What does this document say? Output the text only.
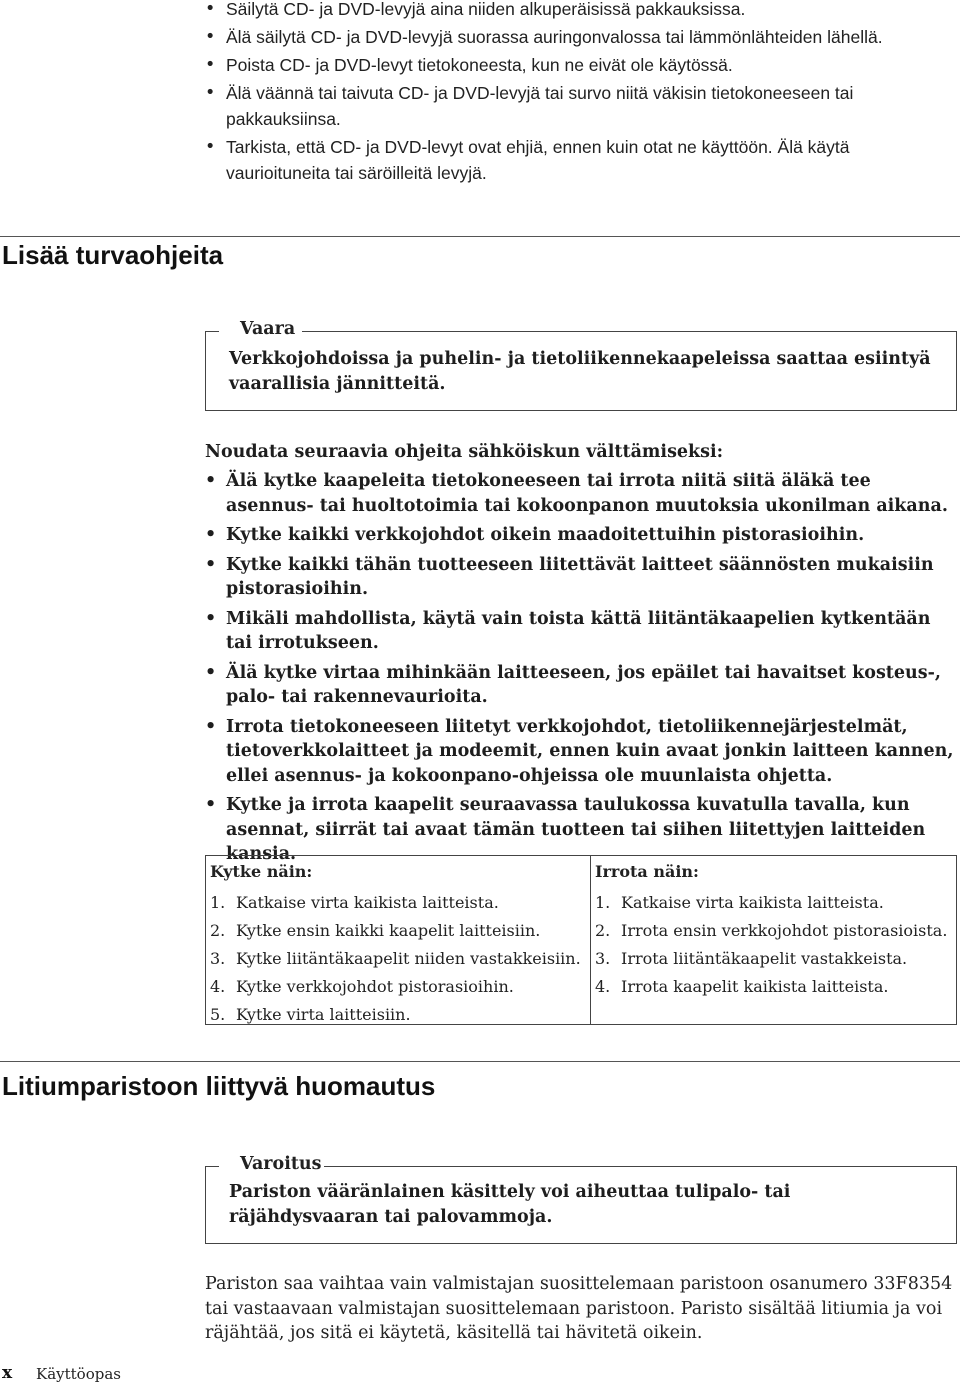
• Säilytä CD- ja DVD-levyjä aina niiden alkuperäisissä pakkauksissa.
• Älä säilytä CD- ja DVD-levyjä suorassa auringonvalossa tai lämmönlähteiden lähellä.
• Poista CD- ja DVD-levyt tietokoneesta, kun ne eivät ole käytössä.
• Älä väännä tai taivuta CD- ja DVD-levyjä tai survo niitä väkisin tietokoneeseen tai pakkauksiinsa.
• Tarkista, että CD- ja DVD-levyt ovat ehjiä, ennen kuin otat ne käyttöön. Älä käytä vaurioituneita tai säröilleitä levyjä.
Lisää turvaohjeita
Vaara
Verkkojohdoissa ja puhelin- ja tietoliikennekaapeleissa saattaa esiintyä vaarallisia jännitteitä.
Noudata seuraavia ohjeita sähköiskun välttämiseksi:
• Älä kytke kaapeleita tietokoneeseen tai irrota niitä siitä äläkä tee asennus- tai huoltotoimia tai kokoonpanon muutoksia ukonilman aikana.
• Kytke kaikki verkkojohdot oikein maadoitettuihin pistorasioihin.
• Kytke kaikki tähän tuotteeseen liitettävät laitteet säännösten mukaisiin pistorasioihin.
• Mikäli mahdollista, käytä vain toista kättä liitäntäkaapelien kytkentään tai irrotukseen.
• Älä kytke virtaa mihinkään laitteeseen, jos epäilet tai havaitset kosteus-, palo- tai rakennevaurioita.
• Irrota tietokoneeseen liitetyt verkkojohdot, tietoliikennejärjestelmät, tietoverkkolaitteet ja modeemit, ennen kuin avaat jonkin laitteen kannen, ellei asennus- ja kokoonpano-ohjeissa ole muunlaista ohjetta.
• Kytke ja irrota kaapelit seuraavassa taulukossa kuvatulla tavalla, kun asennat, siirrät tai avaat tämän tuotteen tai siihen liitettyjen laitteiden kansia.
Kytke näin:
1. Katkaise virta kaikista laitteista.
2. Kytke ensin kaikki kaapelit laitteisiin.
3. Kytke liitäntäkaapelit niiden vastakkeisiin.
4. Kytke verkkojohdot pistorasioihin.
5. Kytke virta laitteisiin.
Irrota näin:
1. Katkaise virta kaikista laitteista.
2. Irrota ensin verkkojohdot pistorasioista.
3. Irrota liitäntäkaapelit vastakkeista.
4. Irrota kaapelit kaikista laitteista.
Litiumparistoon liittyvä huomautus
Varoitus
Pariston vääränlainen käsittely voi aiheuttaa tulipalo- tai räjähdysvaaran tai palovammoja.
Pariston saa vaihtaa vain valmistajan suosittelemaan paristoon osanumero 33F8354 tai vastaavaan valmistajan suosittelemaan paristoon. Paristo sisältää litiumia ja voi räjähtää, jos sitä ei käytetä, käsitellä tai hävitetä oikein.
x Käyttöopas
